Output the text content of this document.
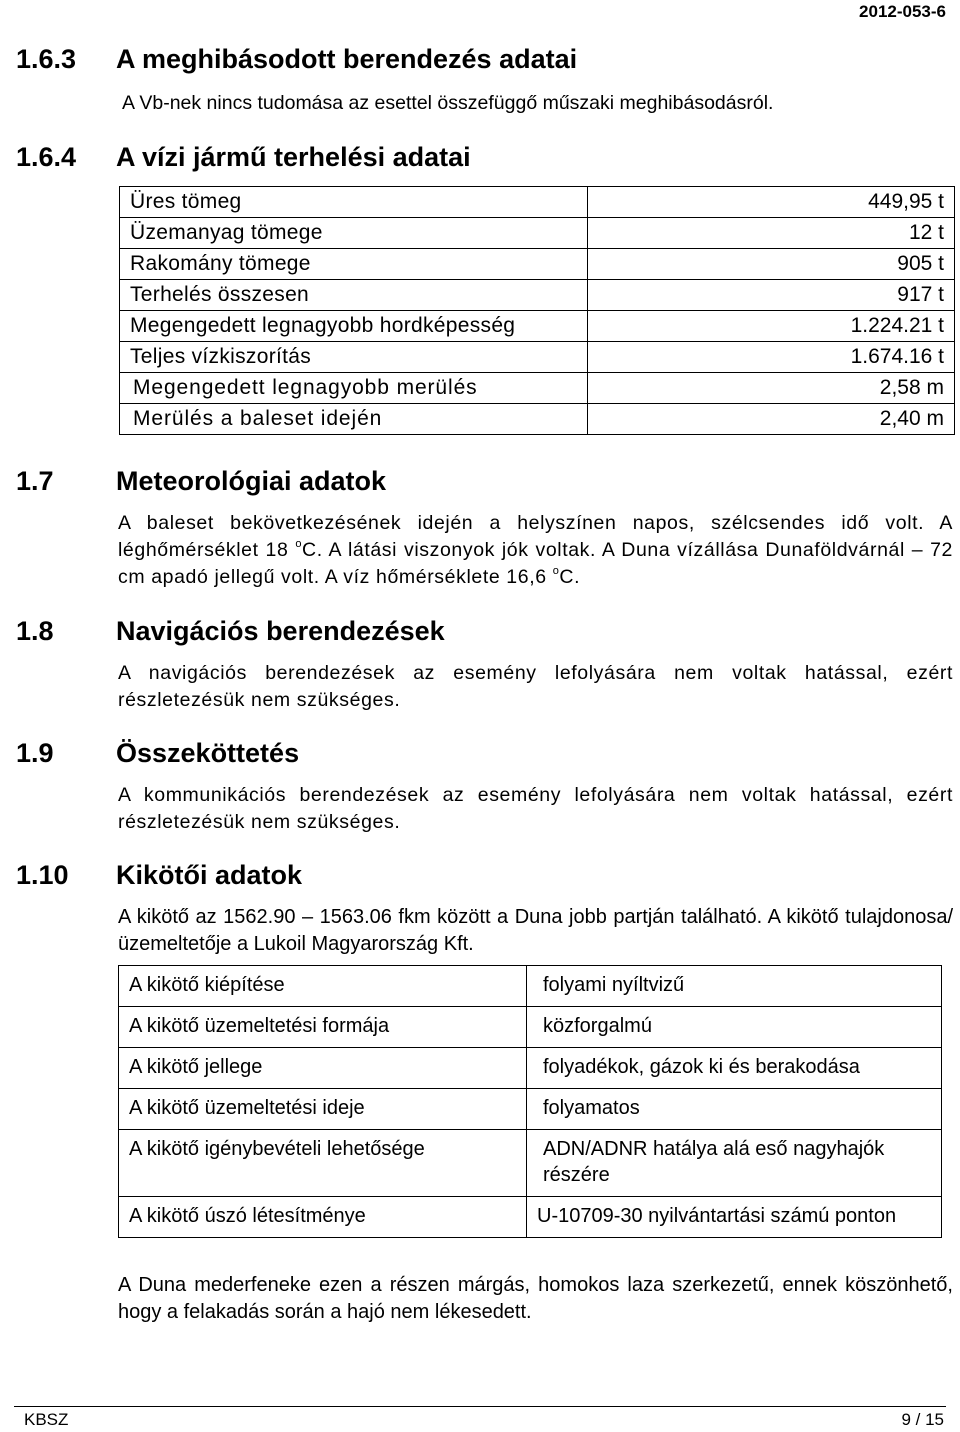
2012-053-6
1.6.3 A meghibásodott berendezés adatai
A Vb-nek nincs tudomása az esettel összefüggő műszaki meghibásodásról.
1.6.4 A vízi jármű terhelési adatai
Üres tömeg	449,95 t
Üzemanyag tömege	12 t
Rakomány tömege	905 t
Terhelés összesen	917 t
Megengedett legnagyobb hordképesség	1.224.21 t
Teljes vízkiszorítás	1.674.16 t
Megengedett legnagyobb merülés	2,58 m
Merülés a baleset idején	2,40 m
1.7 Meteorológiai adatok
A baleset bekövetkezésének idején a helyszínen napos, szélcsendes idő volt. A léghőmérséklet 18 $^o$C. A látási viszonyok jók voltak. A Duna vízállása Dunaföldvárnál – 72 cm apadó jellegű volt. A víz hőmérséklete 16,6 $^o$C.
1.8 Navigációs berendezések
A navigációs berendezések az esemény lefolyására nem voltak hatással, ezért részletezésük nem szükséges.
1.9 Összeköttetés
A kommunikációs berendezések az esemény lefolyására nem voltak hatással, ezért részletezésük nem szükséges.
1.10 Kikötői adatok
A kikötő az 1562.90 – 1563.06 fkm között a Duna jobb partján található. A kikötő tulajdonosa/üzemeltetője a Lukoil Magyarország Kft.
A kikötő kiépítése	folyami nyíltvizű
A kikötő üzemeltetési formája	közforgalmú
A kikötő jellege	folyadékok, gázok ki és berakodása
A kikötő üzemeltetési ideje	folyamatos
A kikötő igénybevételi lehetősége	ADN/ADNR hatálya alá eső nagyhajók részére
A kikötő úszó létesítménye	U-10709-30 nyilvántartási számú ponton
A Duna mederfeneke ezen a részen márgás, homokos laza szerkezetű, ennek köszönhető, hogy a felakadás során a hajó nem lékesedett.
KBSZ	9 / 15
